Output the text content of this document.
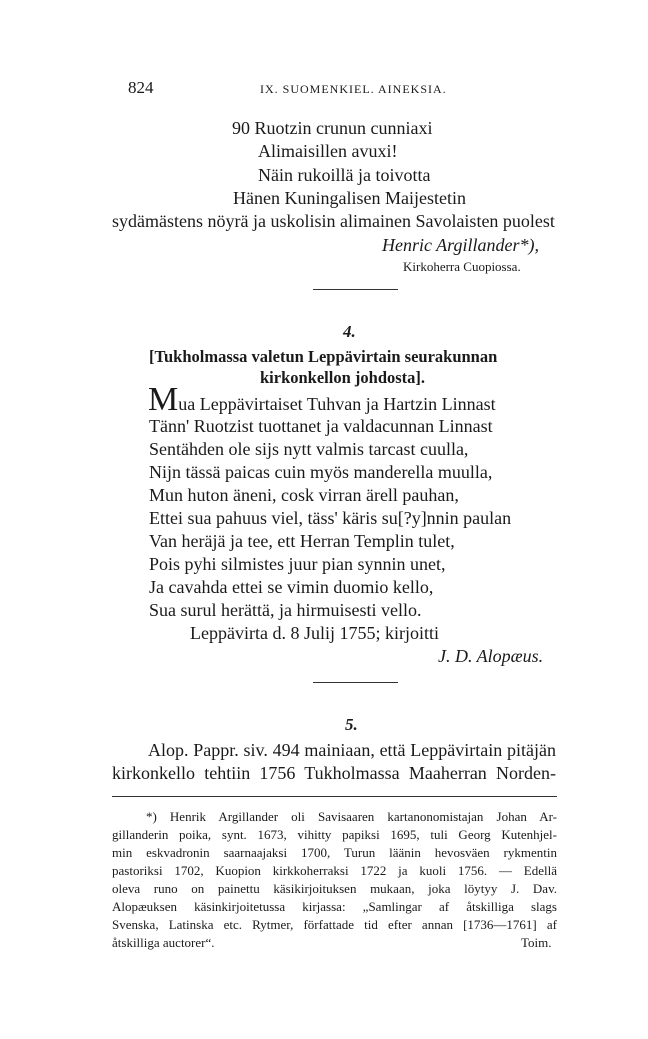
824	IX. SUOMENKIEL. AINEKSIA.
90 Ruotzin crunun cunniaxi
Alimaisillen avuxi!
Näin rukoillä ja toivotta
Hänen Kuningalisen Maijestetin
sydämästens nöyrä ja uskolisin alimainen Savolaisten puolest
Henric Argillander*),
Kirkoherra Cuopiossa.
4.
[Tukholmassa valetun Leppävirtain seurakunnan
kirkonkellon johdosta].
Mua Leppävirtaiset Tuhvan ja Hartzin Linnast
Tänn' Ruotzist tuottanet ja valdacunnan Linnast
Sentähden ole sijs nytt valmis tarcast cuulla,
Nijn tässä paicas cuin myös manderella muulla,
Mun huton äneni, cosk virran ärell pauhan,
Ettei sua pahuus viel, täss' käris su[?y]nnin paulan
Van heräjä ja tee, ett Herran Templin tulet,
Pois pyhi silmistes juur pian synnin unet,
Ja cavahda ettei se vimin duomio kello,
Sua surul herättä, ja hirmuisesti vello.
Leppävirta d. 8 Julij 1755; kirjoitti
J. D. Alopæus.
5.
Alop. Pappr. siv. 494 mainiaan, että Leppävirtain pitäjän
kirkonkello tehtiin 1756 Tukholmassa Maaherran Norden-
*) Henrik Argillander oli Savisaaren kartanonomistajan Johan Ar-
gillanderin poika, synt. 1673, vihitty papiksi 1695, tuli Georg Kutenhjel-
min eskvadronin saarnaajaksi 1700, Turun läänin hevosväen rykmentin
pastoriksi 1702, Kuopion kirkkoherraksi 1722 ja kuoli 1756. — Edellä
oleva runo on painettu käsikirjoituksen mukaan, joka löytyy J. Dav.
Alopæuksen käsinkirjoitetussa kirjassa: „Samlingar af åtskilliga slags
Svenska, Latinska etc. Rytmer, författade tid efter annan [1736—1761] af
åtskilliga auctorer“.	Toim.
